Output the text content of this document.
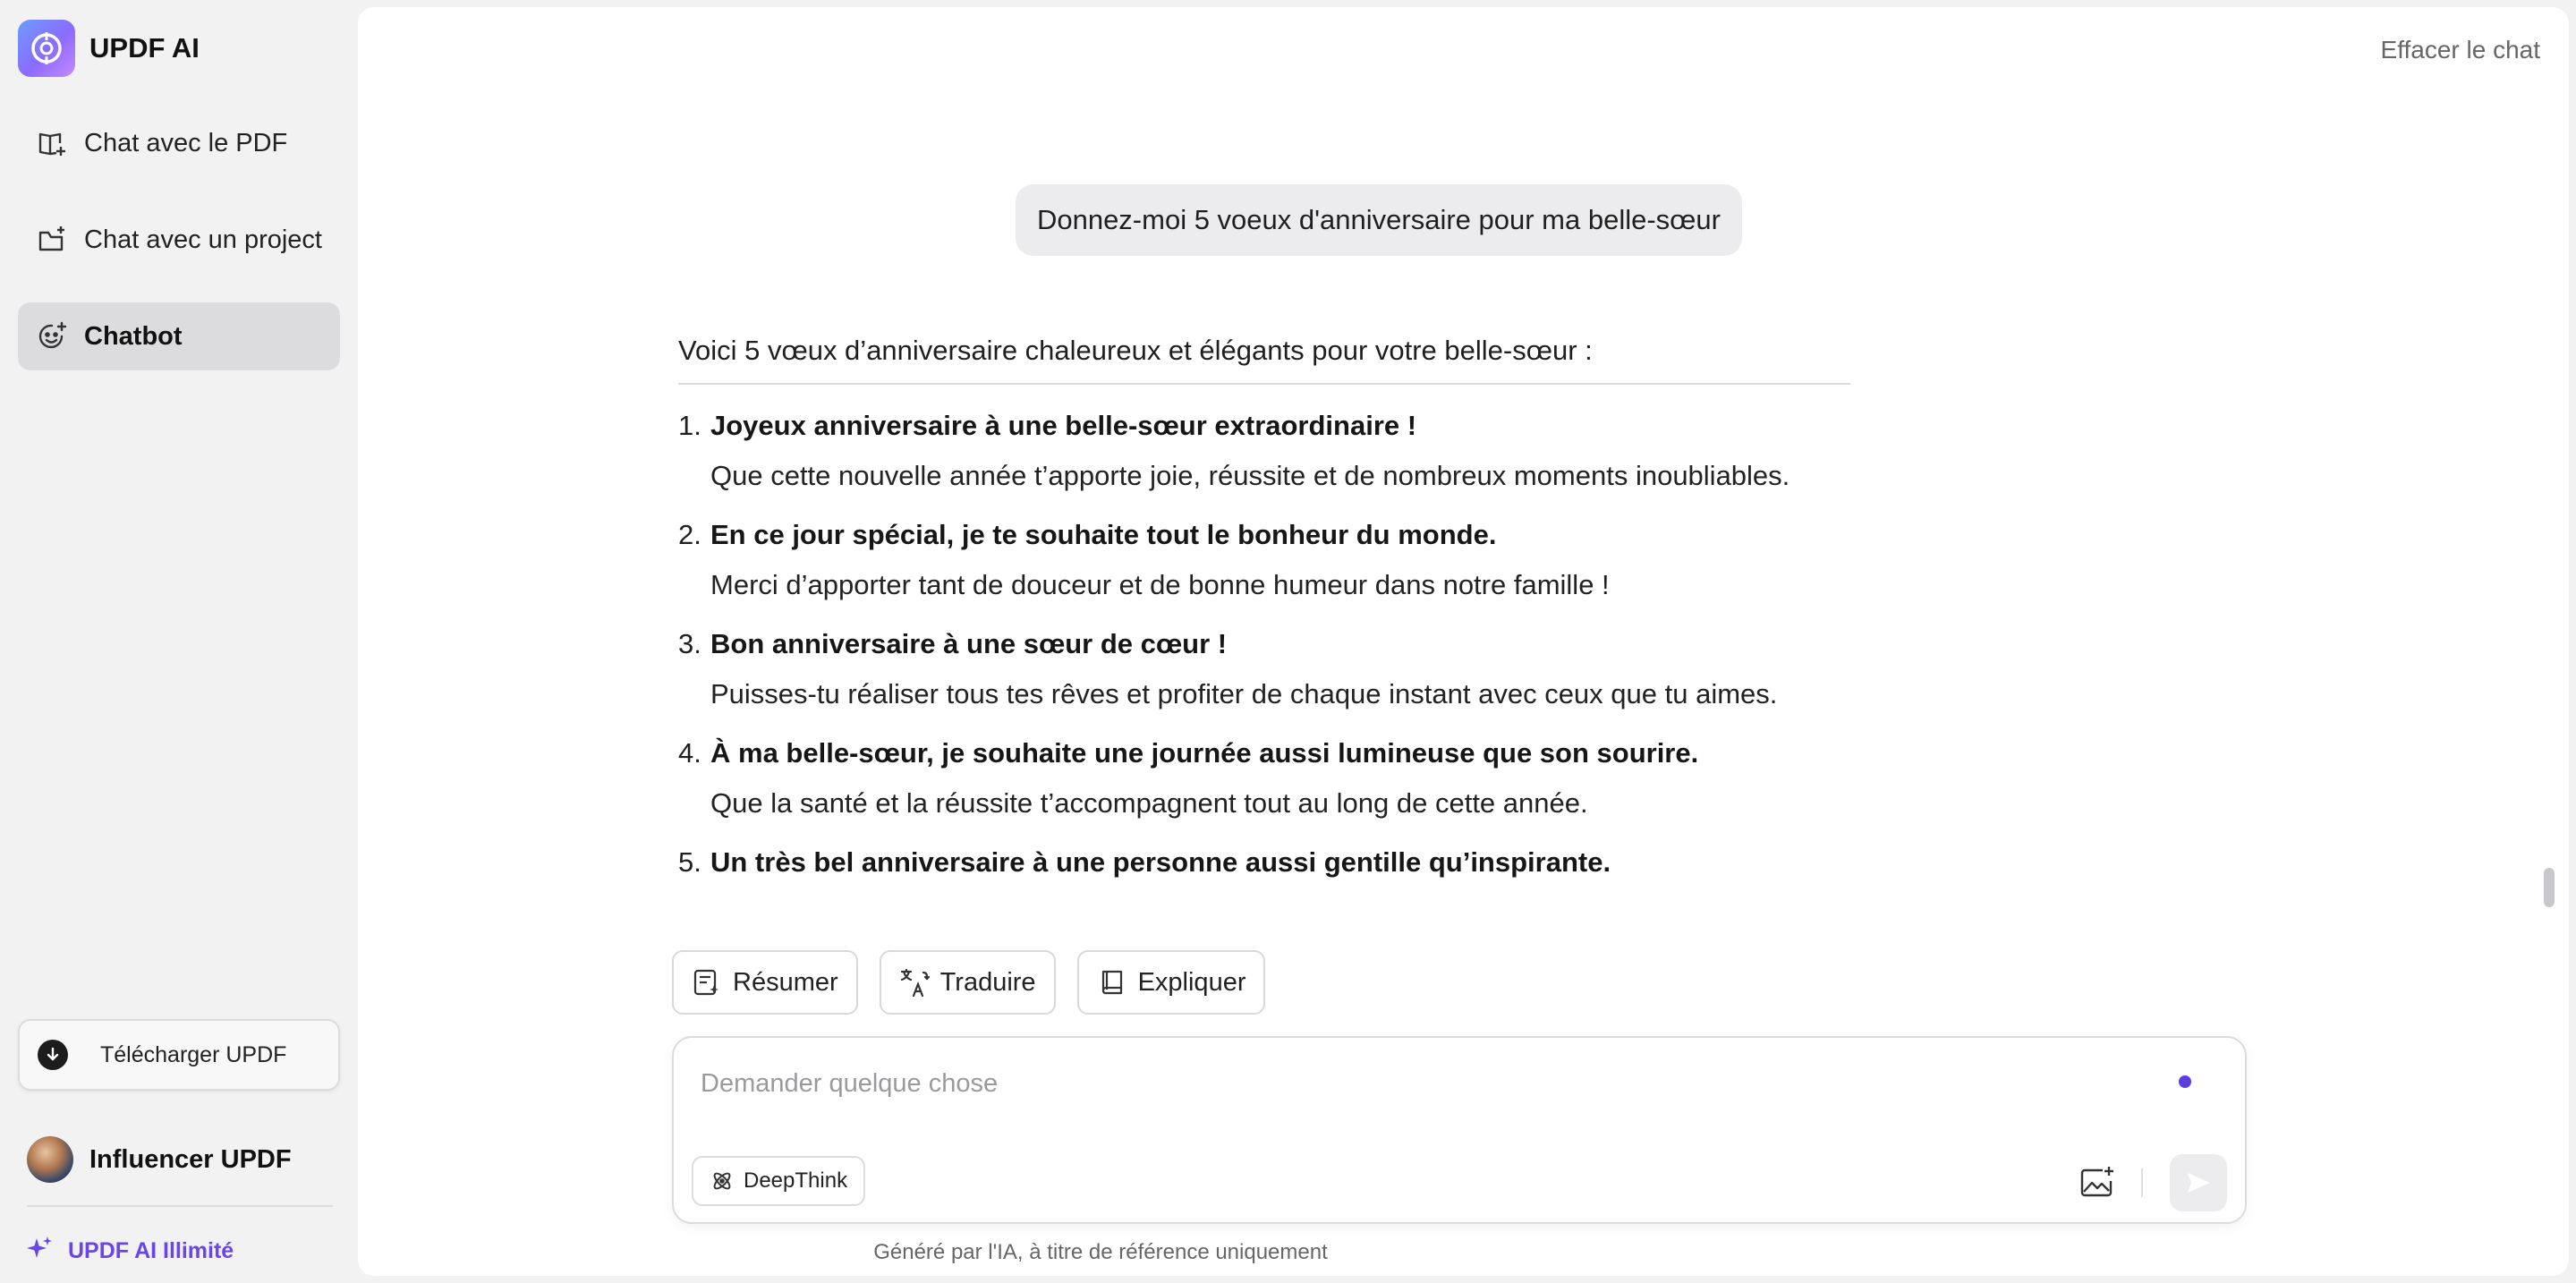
UPDF AI
Chat avec le PDF
Chat avec un project
Chatbot
Télécharger UPDF
Influencer UPDF
UPDF AI Illimité
Effacer le chat
Donnez-moi 5 voeux d'anniversaire pour ma belle-sœur
Voici 5 vœux d’anniversaire chaleureux et élégants pour votre belle-sœur :
1. Joyeux anniversaire à une belle-sœur extraordinaire !
Que cette nouvelle année t’apporte joie, réussite et de nombreux moments inoubliables.
2. En ce jour spécial, je te souhaite tout le bonheur du monde.
Merci d’apporter tant de douceur et de bonne humeur dans notre famille !
3. Bon anniversaire à une sœur de cœur !
Puisses-tu réaliser tous tes rêves et profiter de chaque instant avec ceux que tu aimes.
4. À ma belle-sœur, je souhaite une journée aussi lumineuse que son sourire.
Que la santé et la réussite t’accompagnent tout au long de cette année.
5. Un très bel anniversaire à une personne aussi gentille qu’inspirante.
Résumer	Traduire	Expliquer
Demander quelque chose
DeepThink
Généré par l'IA, à titre de référence uniquement
